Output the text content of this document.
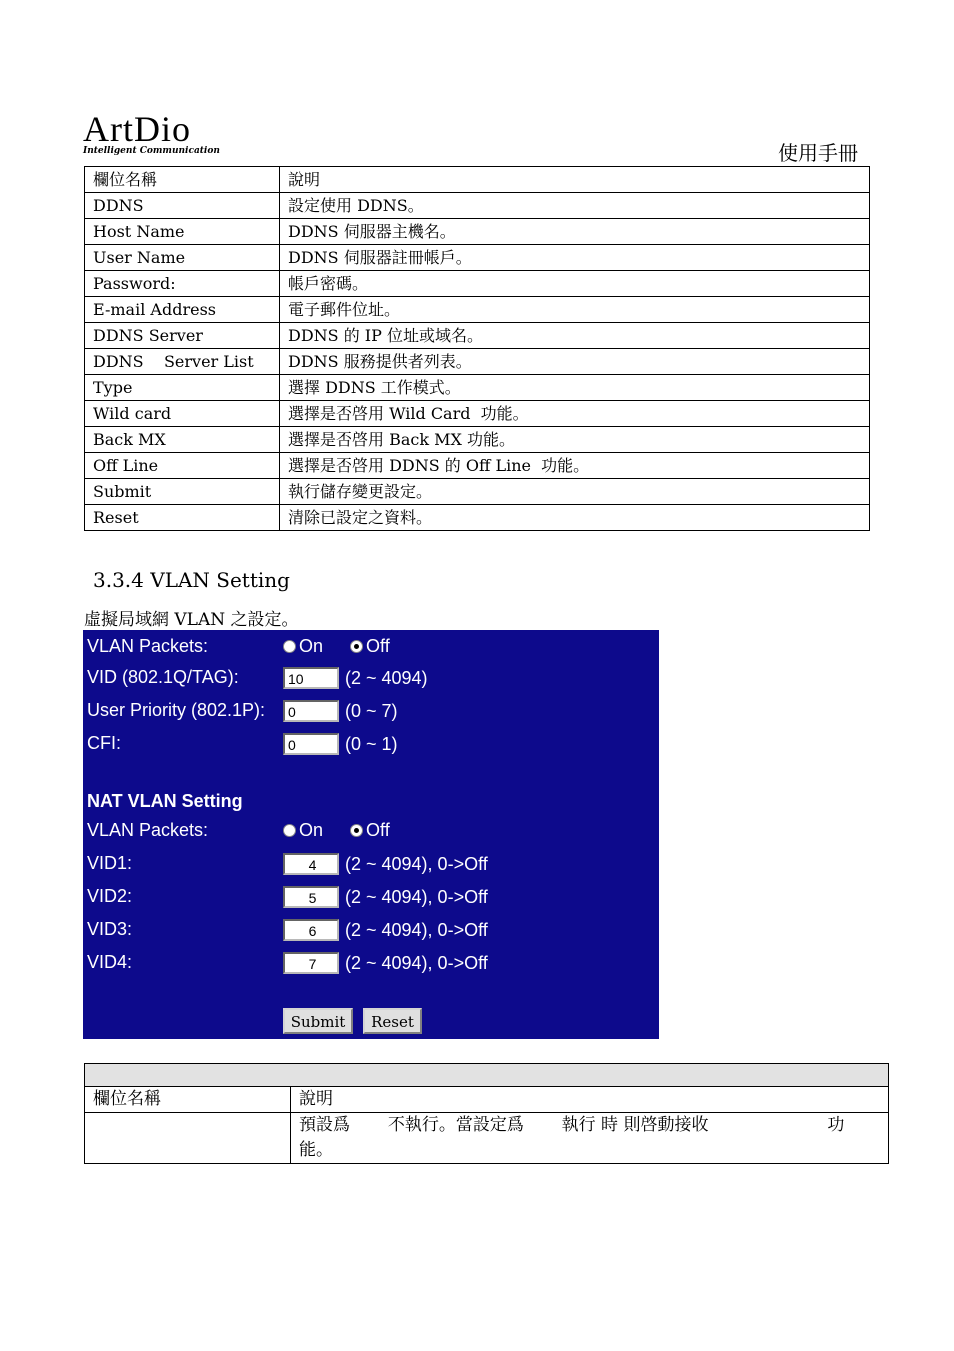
ArtDio
Intelligent Communication	使用手冊
欄位名稱	說明
DDNS	設定使用 DDNS。
Host Name	DDNS 伺服器主機名。
User Name	DDNS 伺服器註冊帳戶。
Password:	帳戶密碼。
E-mail Address	電子郵件位址。
DDNS Server	DDNS 的 IP 位址或域名。
DDNS    Server List	DDNS 服務提供者列表。
Type	選擇 DDNS 工作模式。
Wild card	選擇是否啓用 Wild Card  功能。
Back MX	選擇是否啓用 Back MX 功能。
Off Line	選擇是否啓用 DDNS 的 Off Line  功能。
Submit	執行儲存變更設定。
Reset	清除已設定之資料。
3.3.4 VLAN Setting
虛擬局域網 VLAN 之設定。
VLAN Packets:	On Off
VID (802.1Q/TAG):	10 (2 ~ 4094)
User Priority (802.1P):	0	(0 ~ 7)
CFI:	0	(0 ~ 1)
NAT VLAN Setting
VLAN Packets:	On Off
VID1:	4 (2 ~ 4094), 0->Off
VID2:	5 (2 ~ 4094), 0->Off
VID3:	6 (2 ~ 4094), 0->Off
VID4:	7 (2 ~ 4094), 0->Off
Submit	Reset

欄位名稱	說明

	預設爲       不執行。當設定爲       執行 時 則啓動接收                      功
能。
